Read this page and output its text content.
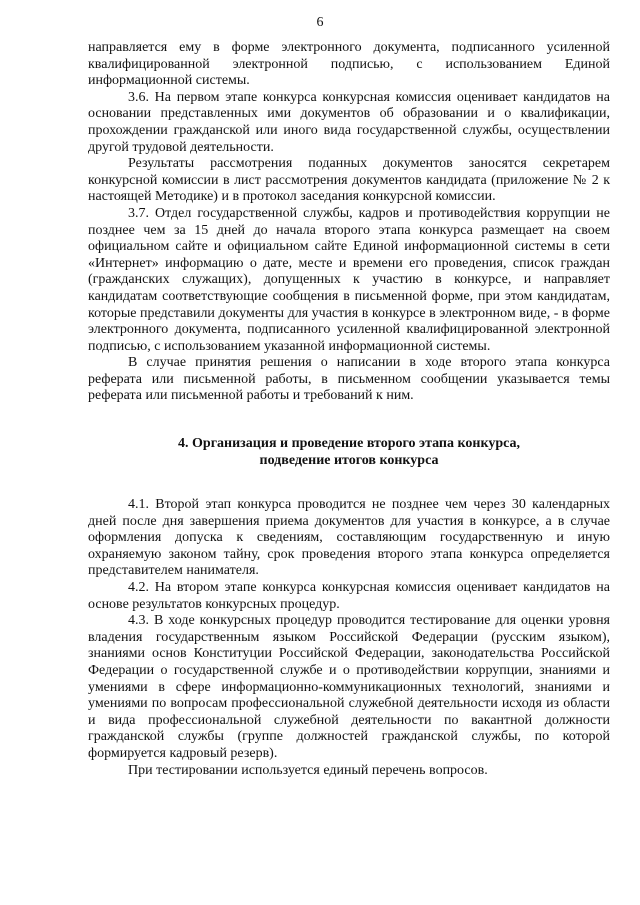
6

направляется ему в форме электронного документа, подписанного усиленной квалифицированной электронной подписью, с использованием Единой информационной системы.

3.6. На первом этапе конкурса конкурсная комиссия оценивает кандидатов на основании представленных ими документов об образовании и о квалификации, прохождении гражданской или иного вида государственной службы, осуществлении другой трудовой деятельности.

Результаты рассмотрения поданных документов заносятся секретарем конкурсной комиссии в лист рассмотрения документов кандидата (приложение № 2 к настоящей Методике) и в протокол заседания конкурсной комиссии.

3.7. Отдел государственной службы, кадров и противодействия коррупции не позднее чем за 15 дней до начала второго этапа конкурса размещает на своем официальном сайте и официальном сайте Единой информационной системы в сети «Интернет» информацию о дате, месте и времени его проведения, список граждан (гражданских служащих), допущенных к участию в конкурсе, и направляет кандидатам соответствующие сообщения в письменной форме, при этом кандидатам, которые представили документы для участия в конкурсе в электронном виде, - в форме электронного документа, подписанного усиленной квалифицированной электронной подписью, с использованием указанной информационной системы.

В случае принятия решения о написании в ходе второго этапа конкурса реферата или письменной работы, в письменном сообщении указывается темы реферата или письменной работы и требований к ним.

4. Организация и проведение второго этапа конкурса,
подведение итогов конкурса

4.1. Второй этап конкурса проводится не позднее чем через 30 календарных дней после дня завершения приема документов для участия в конкурсе, а в случае оформления допуска к сведениям, составляющим государственную и иную охраняемую законом тайну, срок проведения второго этапа конкурса определяется представителем нанимателя.

4.2. На втором этапе конкурса конкурсная комиссия оценивает кандидатов на основе результатов конкурсных процедур.

4.3. В ходе конкурсных процедур проводится тестирование для оценки уровня владения государственным языком Российской Федерации (русским языком), знаниями основ Конституции Российской Федерации, законодательства Российской Федерации о государственной службе и о противодействии коррупции, знаниями и умениями в сфере информационно-коммуникационных технологий, знаниями и умениями по вопросам профессиональной служебной деятельности исходя из области и вида профессиональной служебной деятельности по вакантной должности гражданской службы (группе должностей гражданской службы, по которой формируется кадровый резерв).

При тестировании используется единый перечень вопросов.
